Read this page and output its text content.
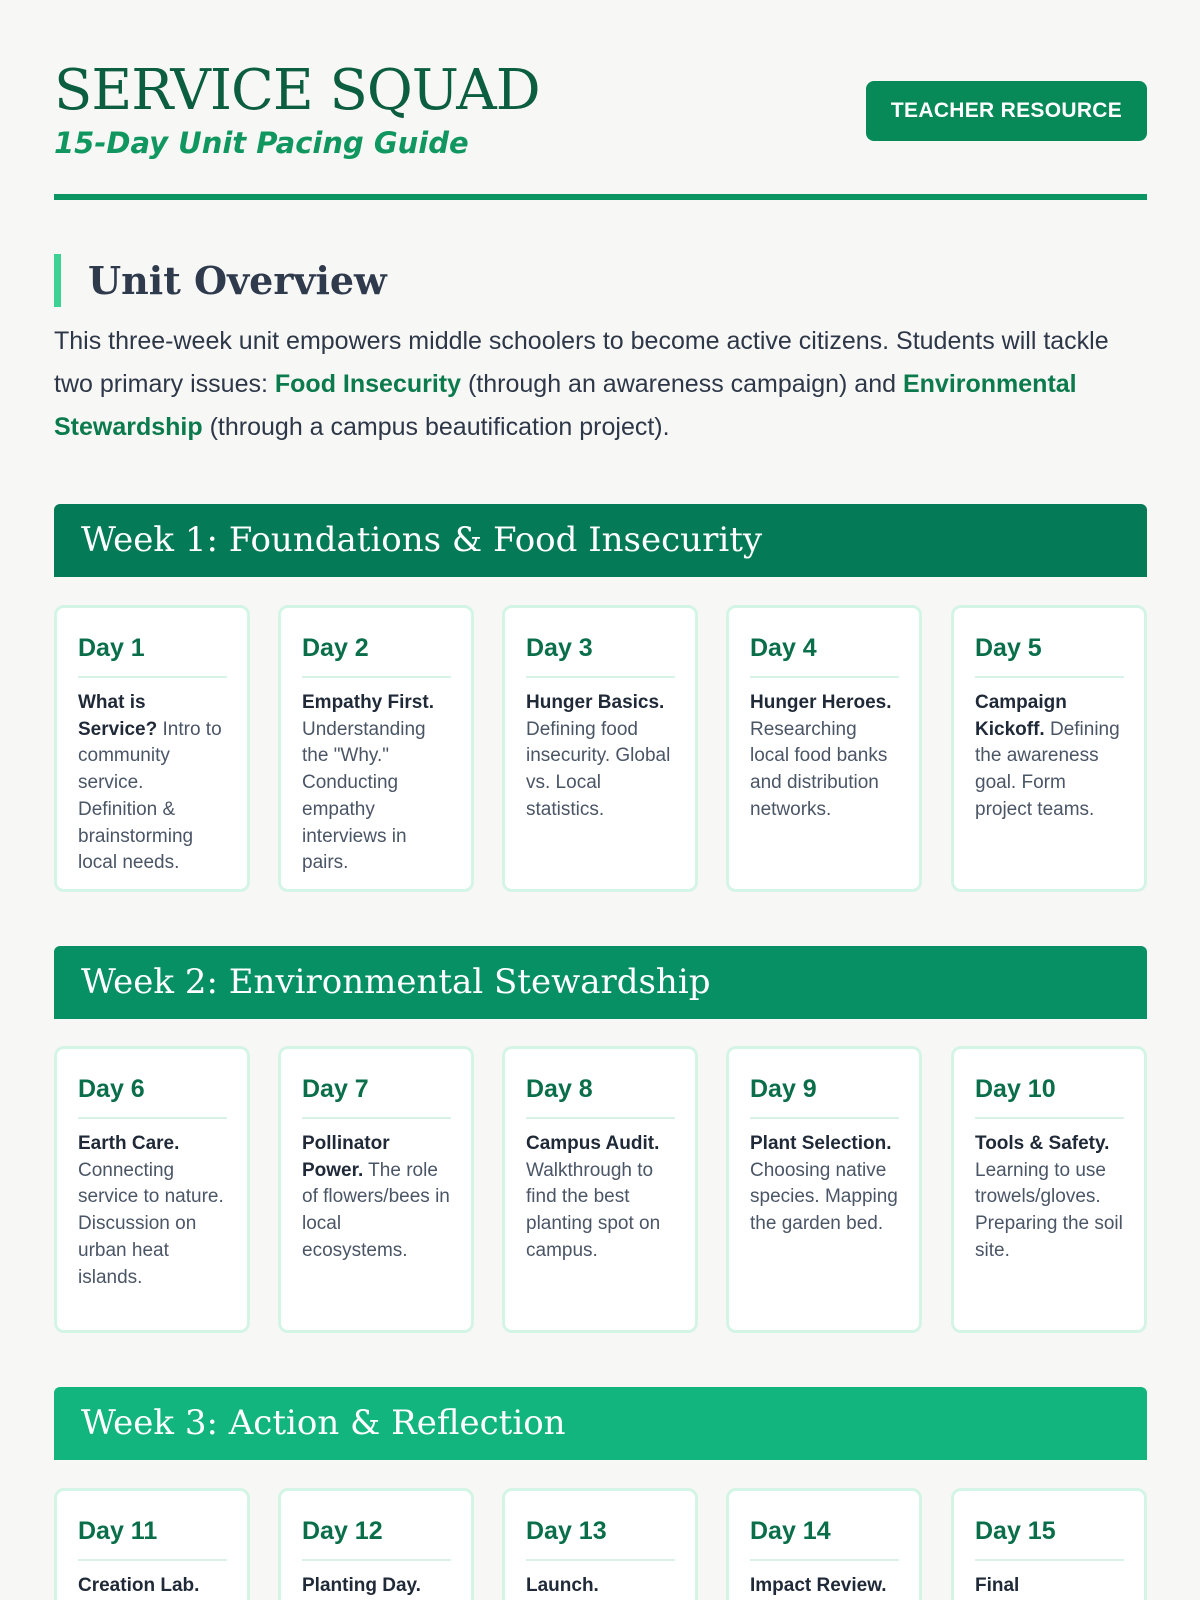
SERVICE SQUAD
15-Day Unit Pacing Guide
TEACHER RESOURCE
Unit Overview

This three-week unit empowers middle schoolers to become active citizens. Students will tackle two primary issues: Food Insecurity (through an awareness campaign) and Environmental Stewardship (through a campus beautification project).

Week 1: Foundations & Food Insecurity
Day 1
What is Service? Intro to community service. Definition & brainstorming local needs.
Day 2
Empathy First. Understanding the "Why." Conducting empathy interviews in pairs.
Day 3
Hunger Basics. Defining food insecurity. Global vs. Local statistics.
Day 4
Hunger Heroes. Researching local food banks and distribution networks.
Day 5
Campaign Kickoff. Defining the awareness goal. Form project teams.
Week 2: Environmental Stewardship
Day 6
Earth Care. Connecting service to nature. Discussion on urban heat islands.
Day 7
Pollinator Power. The role of flowers/bees in local ecosystems.
Day 8
Campus Audit. Walkthrough to find the best planting spot on campus.
Day 9
Plant Selection. Choosing native species. Mapping the garden bed.
Day 10
Tools & Safety. Learning to use trowels/gloves. Preparing the soil site.
Week 3: Action & Reflection
Day 11
Creation Lab.
Day 12
Planting Day.
Day 13
Launch.
Day 14
Impact Review.
Day 15
Final
